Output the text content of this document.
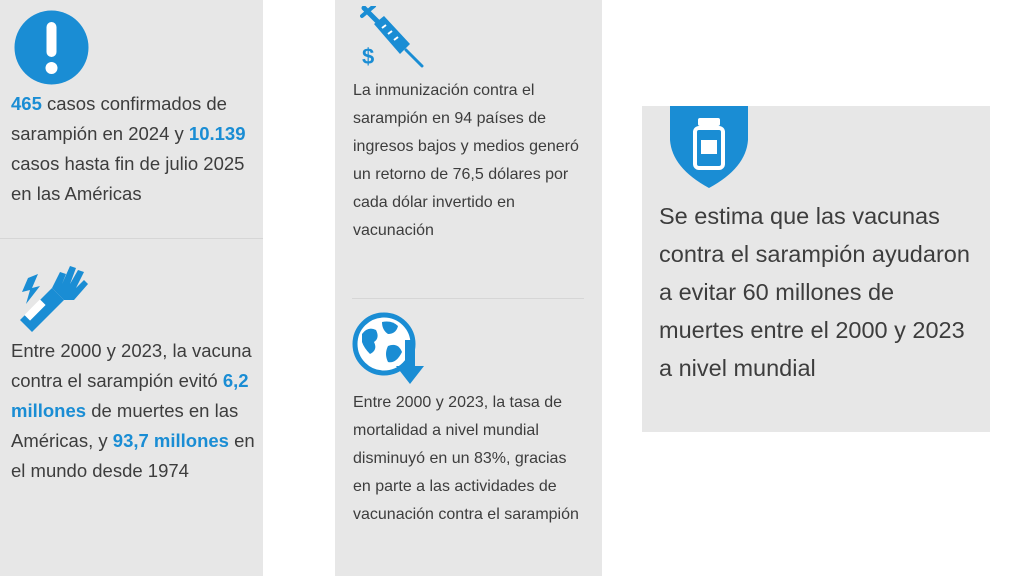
465 casos confirmados de sarampión en 2024 y 10.139 casos hasta fin de julio 2025 en las Américas
Entre 2000 y 2023, la vacuna contra el sarampión evitó 6,2 millones de muertes en las Américas, y 93,7 millones en el mundo desde 1974
$
La inmunización contra el sarampión en 94 países de ingresos bajos y medios generó un retorno de 76,5 dólares por cada dólar invertido en vacunación
Entre 2000 y 2023, la tasa de mortalidad a nivel mundial disminuyó en un 83%, gracias en parte a las actividades de vacunación contra el sarampión
Se estima que las vacunas contra el sarampión ayudaron a evitar 60 millones de muertes entre el 2000 y 2023 a nivel mundial
